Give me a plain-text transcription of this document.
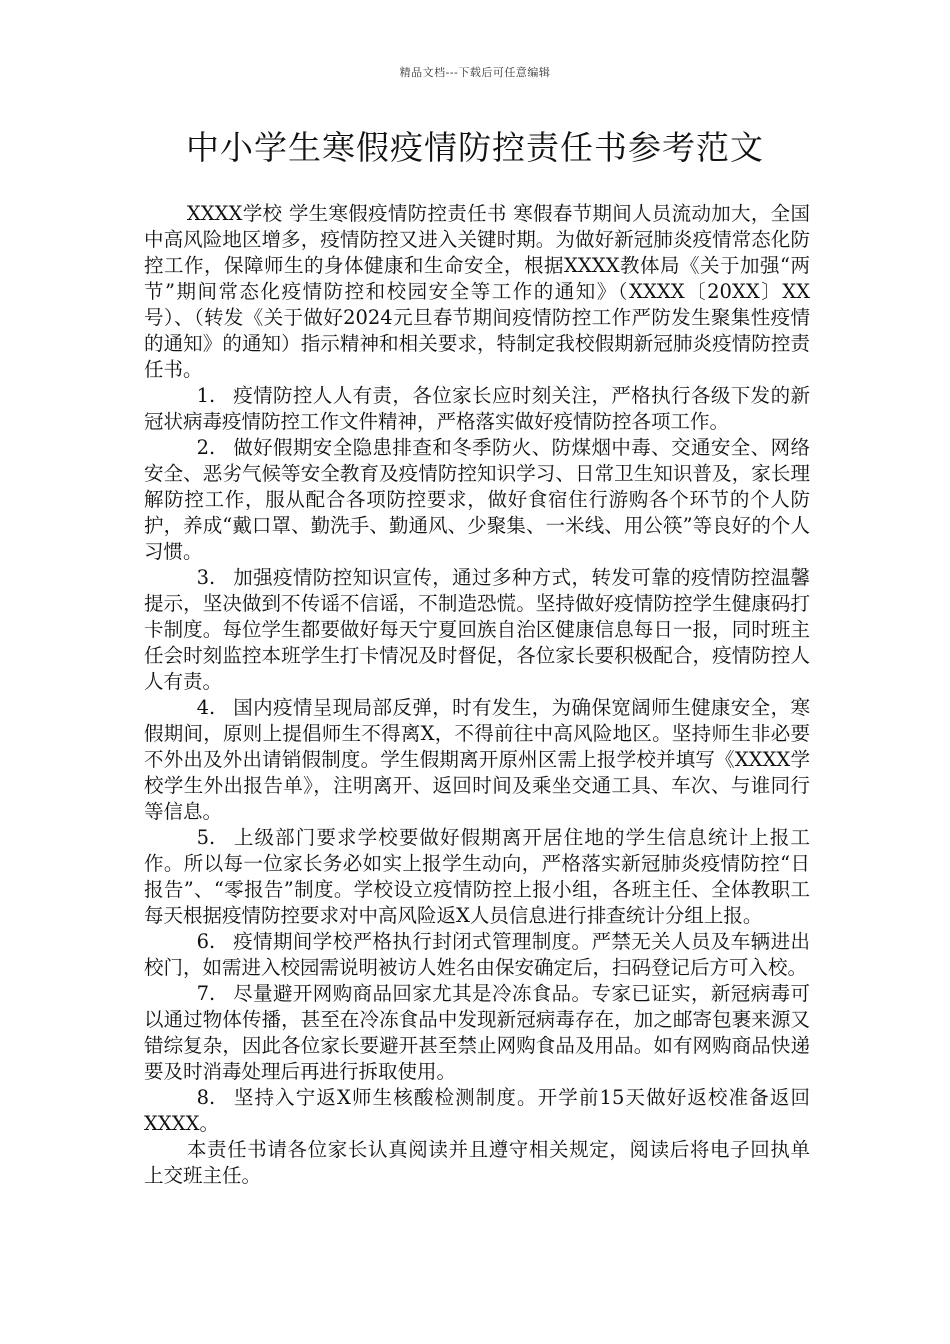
精品文档---下载后可任意编辑
中小学生寒假疫情防控责任书参考范文

XXXX学校 学生寒假疫情防控责任书 寒假春节期间人员流动加大，全国中高风险地区增多，疫情防控又进入关键时期。为做好新冠肺炎疫情常态化防控工作，保障师生的身体健康和生命安全，根据XXXX教体局《关于加强“两节”期间常态化疫情防控和校园安全等工作的通知》（XXXX〔20XX〕XX号）、（转发《关于做好2024元旦春节期间疫情防控工作严防发生聚集性疫情的通知》的通知）指示精神和相关要求，特制定我校假期新冠肺炎疫情防控责任书。

1. 疫情防控人人有责，各位家长应时刻关注，严格执行各级下发的新冠状病毒疫情防控工作文件精神，严格落实做好疫情防控各项工作。

2. 做好假期安全隐患排查和冬季防火、防煤烟中毒、交通安全、网络安全、恶劣气候等安全教育及疫情防控知识学习、日常卫生知识普及，家长理解防控工作，服从配合各项防控要求，做好食宿住行游购各个环节的个人防护，养成“戴口罩、勤洗手、勤通风、少聚集、一米线、用公筷”等良好的个人习惯。

3. 加强疫情防控知识宣传，通过多种方式，转发可靠的疫情防控温馨提示，坚决做到不传谣不信谣，不制造恐慌。坚持做好疫情防控学生健康码打卡制度。每位学生都要做好每天宁夏回族自治区健康信息每日一报，同时班主任会时刻监控本班学生打卡情况及时督促，各位家长要积极配合，疫情防控人人有责。

4. 国内疫情呈现局部反弹，时有发生，为确保宽阔师生健康安全，寒假期间，原则上提倡师生不得离X，不得前往中高风险地区。坚持师生非必要不外出及外出请销假制度。学生假期离开原州区需上报学校并填写《XXXX学校学生外出报告单》，注明离开、返回时间及乘坐交通工具、车次、与谁同行等信息。

5. 上级部门要求学校要做好假期离开居住地的学生信息统计上报工作。所以每一位家长务必如实上报学生动向，严格落实新冠肺炎疫情防控“日报告”、“零报告”制度。学校设立疫情防控上报小组，各班主任、全体教职工每天根据疫情防控要求对中高风险返X人员信息进行排查统计分组上报。

6. 疫情期间学校严格执行封闭式管理制度。严禁无关人员及车辆进出校门，如需进入校园需说明被访人姓名由保安确定后，扫码登记后方可入校。

7. 尽量避开网购商品回家尤其是冷冻食品。专家已证实，新冠病毒可以通过物体传播，甚至在冷冻食品中发现新冠病毒存在，加之邮寄包裹来源又错综复杂，因此各位家长要避开甚至禁止网购食品及用品。如有网购商品快递要及时消毒处理后再进行拆取使用。

8. 坚持入宁返X师生核酸检测制度。开学前15天做好返校准备返回XXXX。

本责任书请各位家长认真阅读并且遵守相关规定，阅读后将电子回执单上交班主任。
